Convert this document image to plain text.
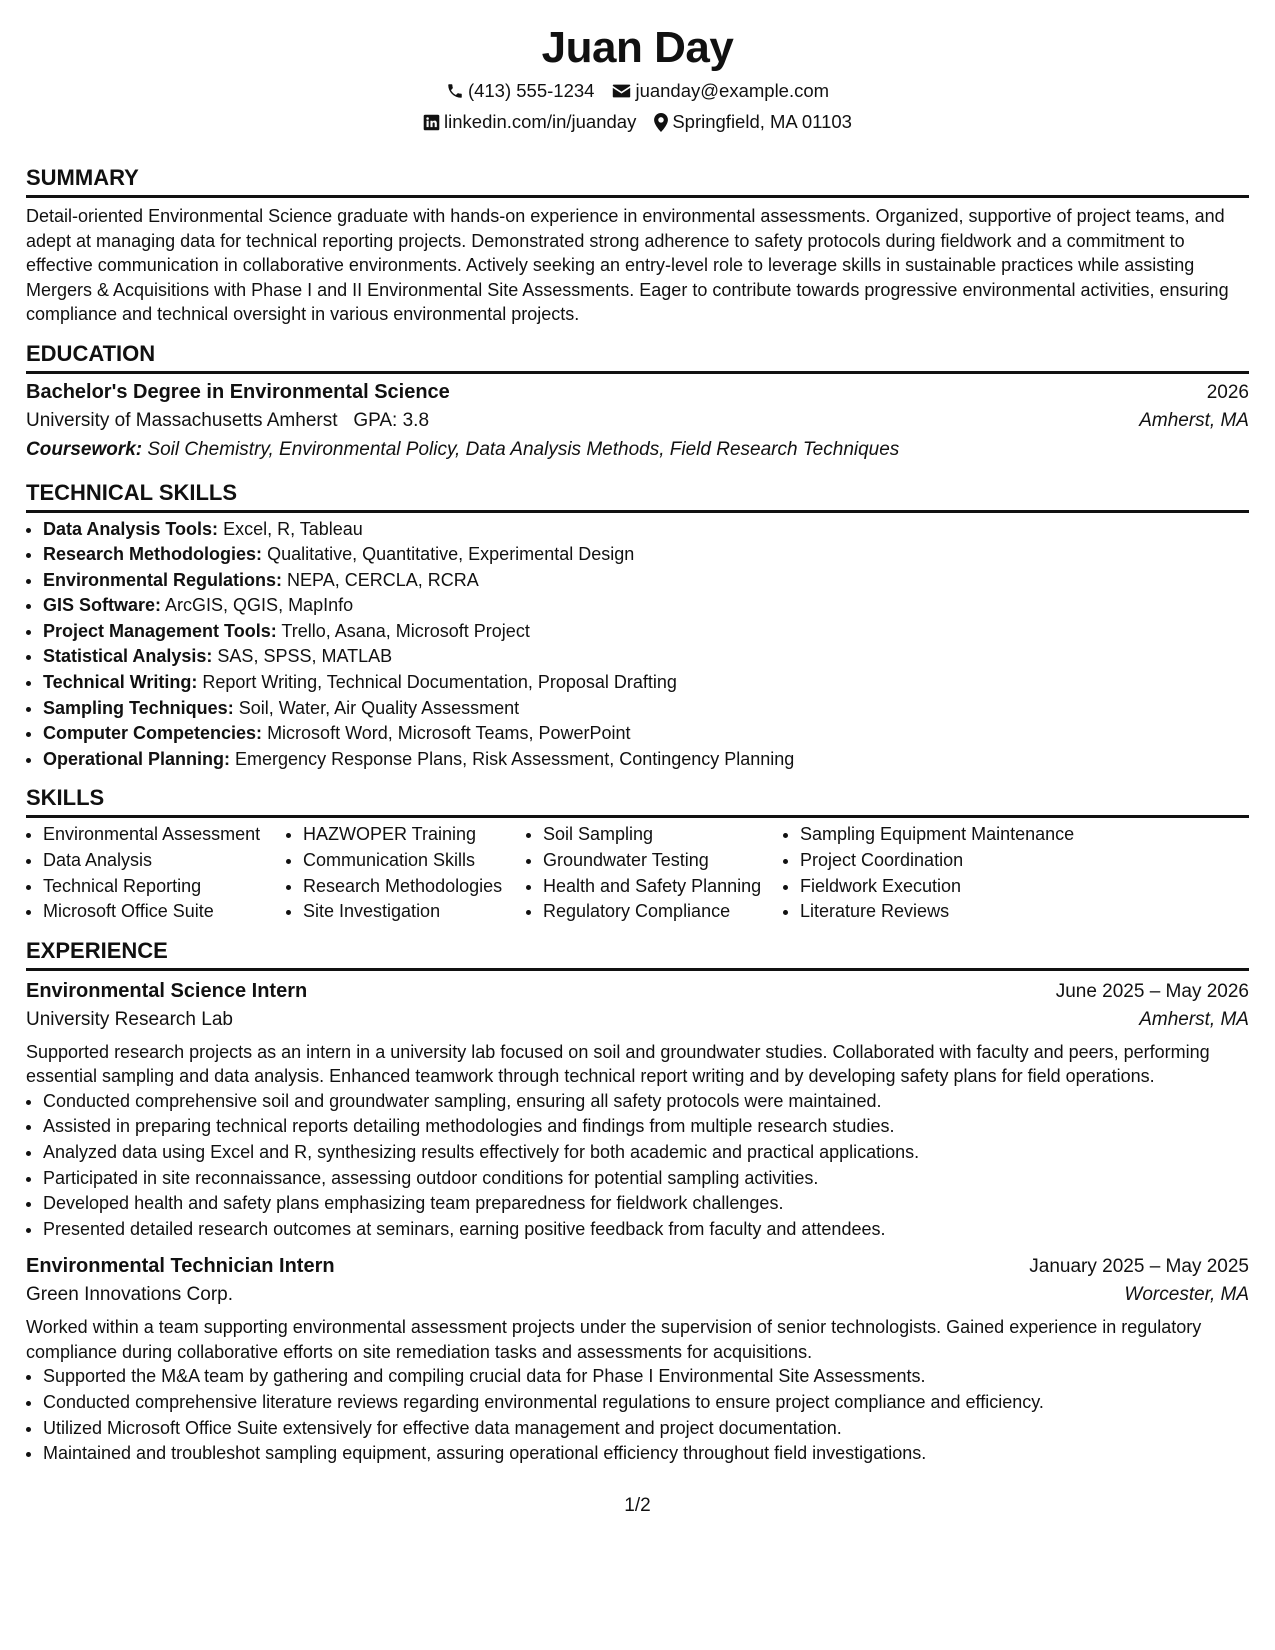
Juan Day
(413) 555-1234 juanday@example.com
linkedin.com/in/juanday Springfield, MA 01103
SUMMARY

Detail-oriented Environmental Science graduate with hands-on experience in environmental assessments. Organized, supportive of project teams, and adept at managing data for technical reporting projects. Demonstrated strong adherence to safety protocols during fieldwork and a commitment to effective communication in collaborative environments. Actively seeking an entry-level role to leverage skills in sustainable practices while assisting Mergers & Acquisitions with Phase I and II Environmental Site Assessments. Eager to contribute towards progressive environmental activities, ensuring compliance and technical oversight in various environmental projects.

EDUCATION
Bachelor's Degree in Environmental Science	2026
University of Massachusetts Amherst GPA: 3.8	Amherst, MA
Coursework: Soil Chemistry, Environmental Policy, Data Analysis Methods, Field Research Techniques
TECHNICAL SKILLS
• Data Analysis Tools: Excel, R, Tableau
• Research Methodologies: Qualitative, Quantitative, Experimental Design
• Environmental Regulations: NEPA, CERCLA, RCRA
• GIS Software: ArcGIS, QGIS, MapInfo
• Project Management Tools: Trello, Asana, Microsoft Project
• Statistical Analysis: SAS, SPSS, MATLAB
• Technical Writing: Report Writing, Technical Documentation, Proposal Drafting
• Sampling Techniques: Soil, Water, Air Quality Assessment
• Computer Competencies: Microsoft Word, Microsoft Teams, PowerPoint
• Operational Planning: Emergency Response Plans, Risk Assessment, Contingency Planning
SKILLS
• Environmental Assessment
• Data Analysis
• Technical Reporting
• Microsoft Office Suite
• HAZWOPER Training
• Communication Skills
• Research Methodologies
• Site Investigation
• Soil Sampling
• Groundwater Testing
• Health and Safety Planning
• Regulatory Compliance
• Sampling Equipment Maintenance
• Project Coordination
• Fieldwork Execution
• Literature Reviews
EXPERIENCE
Environmental Science Intern	June 2025 – May 2026
University Research Lab	Amherst, MA

Supported research projects as an intern in a university lab focused on soil and groundwater studies. Collaborated with faculty and peers, performing essential sampling and data analysis. Enhanced teamwork through technical report writing and by developing safety plans for field operations.

• Conducted comprehensive soil and groundwater sampling, ensuring all safety protocols were maintained.
• Assisted in preparing technical reports detailing methodologies and findings from multiple research studies.
• Analyzed data using Excel and R, synthesizing results effectively for both academic and practical applications.
• Participated in site reconnaissance, assessing outdoor conditions for potential sampling activities.
• Developed health and safety plans emphasizing team preparedness for fieldwork challenges.
• Presented detailed research outcomes at seminars, earning positive feedback from faculty and attendees.
Environmental Technician Intern	January 2025 – May 2025
Green Innovations Corp.	Worcester, MA

Worked within a team supporting environmental assessment projects under the supervision of senior technologists. Gained experience in regulatory compliance during collaborative efforts on site remediation tasks and assessments for acquisitions.

• Supported the M&A team by gathering and compiling crucial data for Phase I Environmental Site Assessments.
• Conducted comprehensive literature reviews regarding environmental regulations to ensure project compliance and efficiency.
• Utilized Microsoft Office Suite extensively for effective data management and project documentation.
• Maintained and troubleshot sampling equipment, assuring operational efficiency throughout field investigations.
1/2
